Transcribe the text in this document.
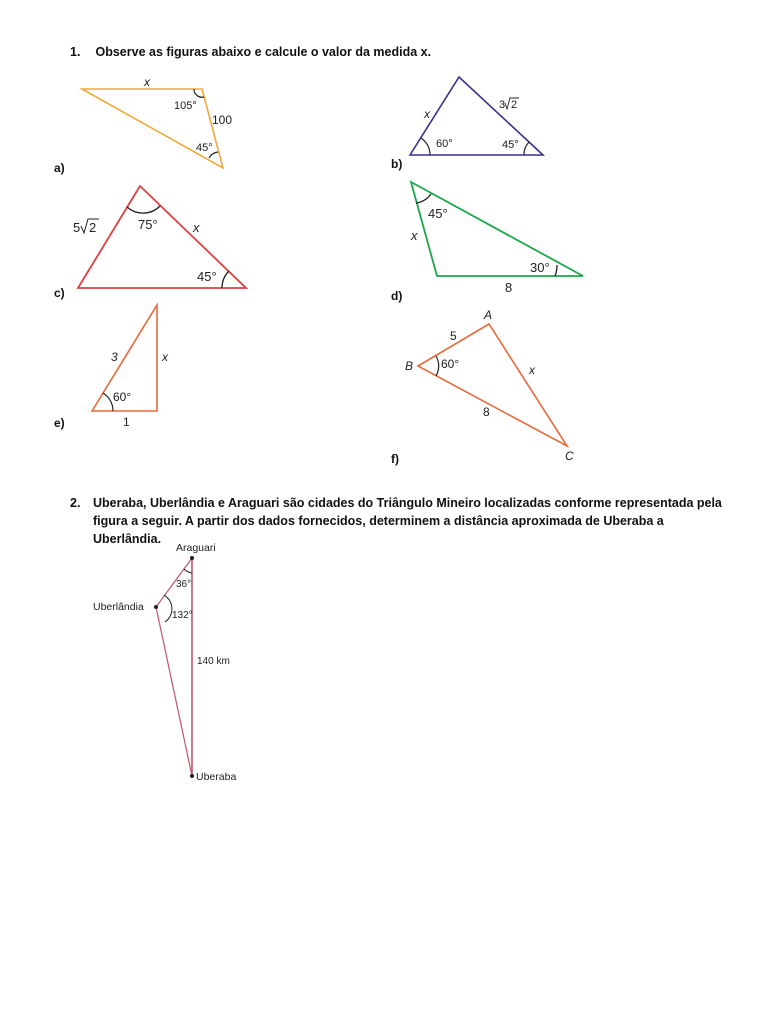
1. Observe as figuras abaixo e calcule o valor da medida x.
a)	b)
c)	d)
e)
f)
x
105°
100
45°
x
3 2
60°	45°
5 2	75°	x
45°
45°
x
30°
8
3	x
60°
1
A
B
C
5
60°	x
8
Araguari
Uberlândia
Uberaba
36°
132°
140 km
2.	Uberaba, Uberlândia e Araguari são cidades do Triângulo Mineiro localizadas conforme representada pela figura a seguir. A partir dos dados fornecidos, determinem a distância aproximada de Uberaba a Uberlândia.
